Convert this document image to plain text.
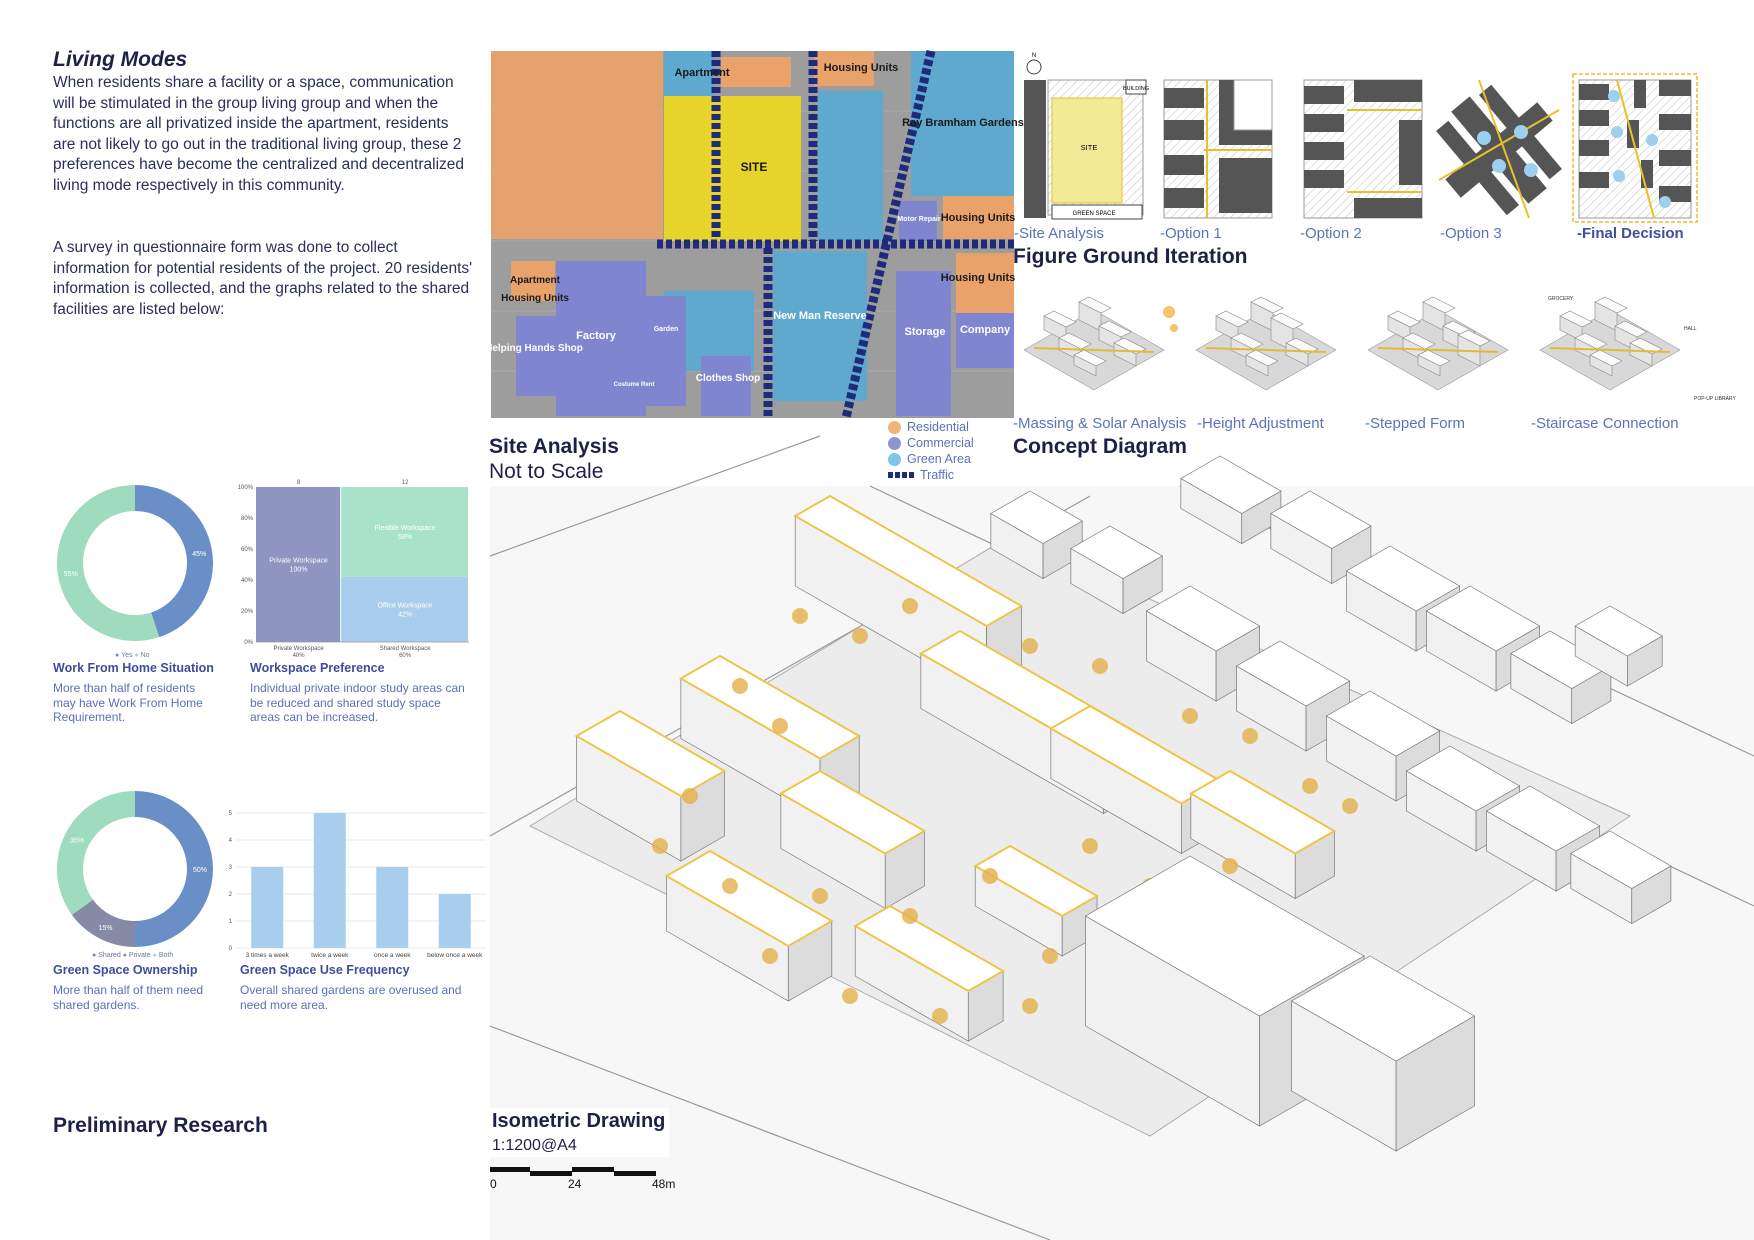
Living Modes
When residents share a facility or a space, communication will be stimulated in the group living group and when the functions are all privatized inside the apartment, residents are not likely to go out in the traditional living group, these 2 preferences have become the centralized and decentralized living mode respectively in this community.
A survey in questionnaire form was done to collect information for potential residents of the project. 20 residents' information is collected, and the graphs related to the shared facilities are listed below:
45%
55%
● Yes ● No
Work From Home Situation
More than half of residents may have Work From Home Requirement.
0%
20%
40%
60%
80%
100%
Private Workspace
100%
8
Private Workspace
40%
Flexible Workspace
58%
Office Workspace
42%
12
Shared Workspace
60%
Workspace Preference
Individual private indoor study areas can be reduced and shared study space areas can be increased.
50%
15%
35%
● Shared ● Private ● Both
Green Space Ownership
More than half of them need shared gardens.
0
1
2
3
4
5
3 times a week	twice a week	once a week	below once a week
Green Space Use Frequency
Overall shared gardens are overused and need more area.
Preliminary Research
Apartment	Housing Units
Ray Bramham Gardens
Housing Units
SITE
Motor Repair
Housing Units
Apartment
Factory
Helping Hands Shop
Costume Rent
Clothes Shop
New Man Reserve
Storage Company
Housing Units
Garden
Residential
Commercial
Green Area
Traffic
Site Analysis
Not to Scale
N
SITE
GREEN SPACE
BUILDING
-Site Analysis	-Option 1	-Option 2	-Option 3	-Final Decision
Figure Ground Iteration
GROCERY
HALL
POP-UP LIBRARY
-Massing & Solar Analysis -Height Adjustment	-Stepped Form	-Staircase Connection
Concept Diagram
Isometric Drawing
1:1200@A4
0	24	48m
